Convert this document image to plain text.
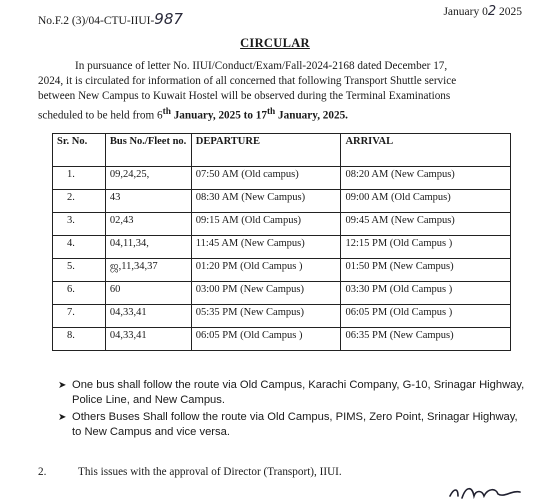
No.F.2 (3)/04-CTU-IIUI-987	January 02 2025
CIRCULAR
In pursuance of letter No. IIUI/Conduct/Exam/Fall-2024-2168 dated December 17,
2024, it is circulated for information of all concerned that following Transport Shuttle service
between New Campus to Kuwait Hostel will be observed during the Terminal Examinations
scheduled to be held from 6th January, 2025 to 17th January, 2025.
Sr. No.	Bus No./Fleet no.	DEPARTURE	ARRIVAL
1.	09,24,25,	07:50 AM (Old campus)	08:20 AM (New Campus)
2.	43	08:30 AM (New Campus)	09:00 AM (Old Campus)
3.	02,43	09:15 AM (Old Campus)	09:45 AM (New Campus)
4.	04,11,34,	11:45 AM (New Campus)	12:15 PM (Old Campus )
5.	ஜ,11,34,37	01:20 PM (Old Campus )	01:50 PM (New Campus)
6.	60	03:00 PM (New Campus)	03:30 PM (Old Campus )
7.	04,33,41	05:35 PM (New Campus)	06:05 PM (Old Campus )
8.	04,33,41	06:05 PM (Old Campus )	06:35 PM (New Campus)
➤ One bus shall follow the route via Old Campus, Karachi Company, G-10, Srinagar Highway, Police Line, and New Campus.
➤ Others Buses Shall follow the route via Old Campus, PIMS, Zero Point, Srinagar Highway, to New Campus and vice versa.
2.	This issues with the approval of Director (Transport), IIUI.
